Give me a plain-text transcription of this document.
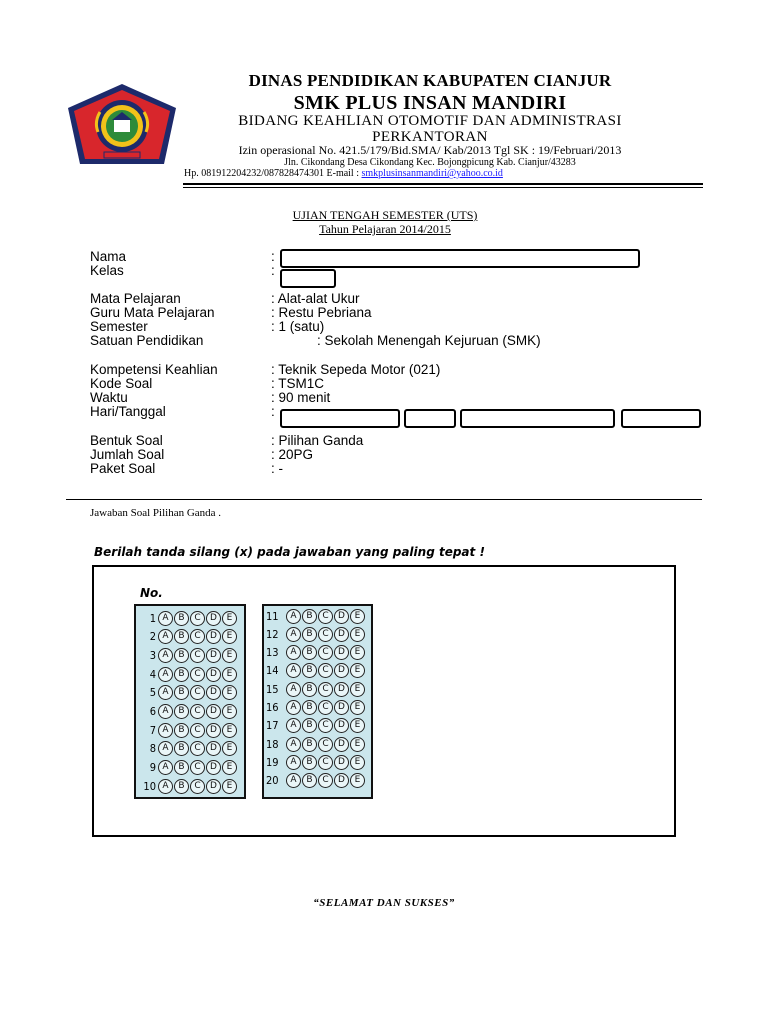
DINAS PENDIDIKAN KABUPATEN CIANJUR
SMK PLUS INSAN MANDIRI
BIDANG KEAHLIAN OTOMOTIF DAN ADMINISTRASI PERKANTORAN
Izin operasional No. 421.5/179/Bid.SMA/ Kab/2013 Tgl SK : 19/Februari/2013
Jln. Cikondang Desa Cikondang Kec. Bojongpicung Kab. Cianjur/43283
Hp. 081912204232/087828474301 E-mail : smkplusinsanmandiri@yahoo.co.id
UJIAN TENGAH SEMESTER (UTS)
Tahun Pelajaran 2014/2015
Nama	:
Kelas	:
Mata Pelajaran	: Alat-alat Ukur
Guru Mata Pelajaran	: Restu Pebriana
Semester	: 1 (satu)
Satuan Pendidikan	: Sekolah Menengah Kejuruan (SMK)
Kompetensi Keahlian	: Teknik Sepeda Motor (021)
Kode Soal	: TSM1C
Waktu	: 90 menit
Hari/Tanggal	:
Bentuk Soal	: Pilihan Ganda
Jumlah Soal	: 20PG
Paket Soal	: -
Jawaban Soal Pilihan Ganda .
Berilah tanda silang (x) pada jawaban yang paling tepat !
No.
1 A	B	C	D	E
2 A	B	C	D	E
3 A	B	C	D	E
4 A	B	C	D	E
5 A	B	C	D	E
6 A	B	C	D	E
7 A	B	C	D	E
8 A	B	C	D	E
9 A	B	C	D	E
10 A	B	C	D	E
11	A	B	C	D	E
12	A	B	C	D	E
13	A	B	C	D	E
14	A	B	C	D	E
15	A	B	C	D	E
16	A	B	C	D	E
17	A	B	C	D	E
18	A	B	C	D	E
19	A	B	C	D	E
20	A	B	C	D	E
“SELAMAT DAN SUKSES”
